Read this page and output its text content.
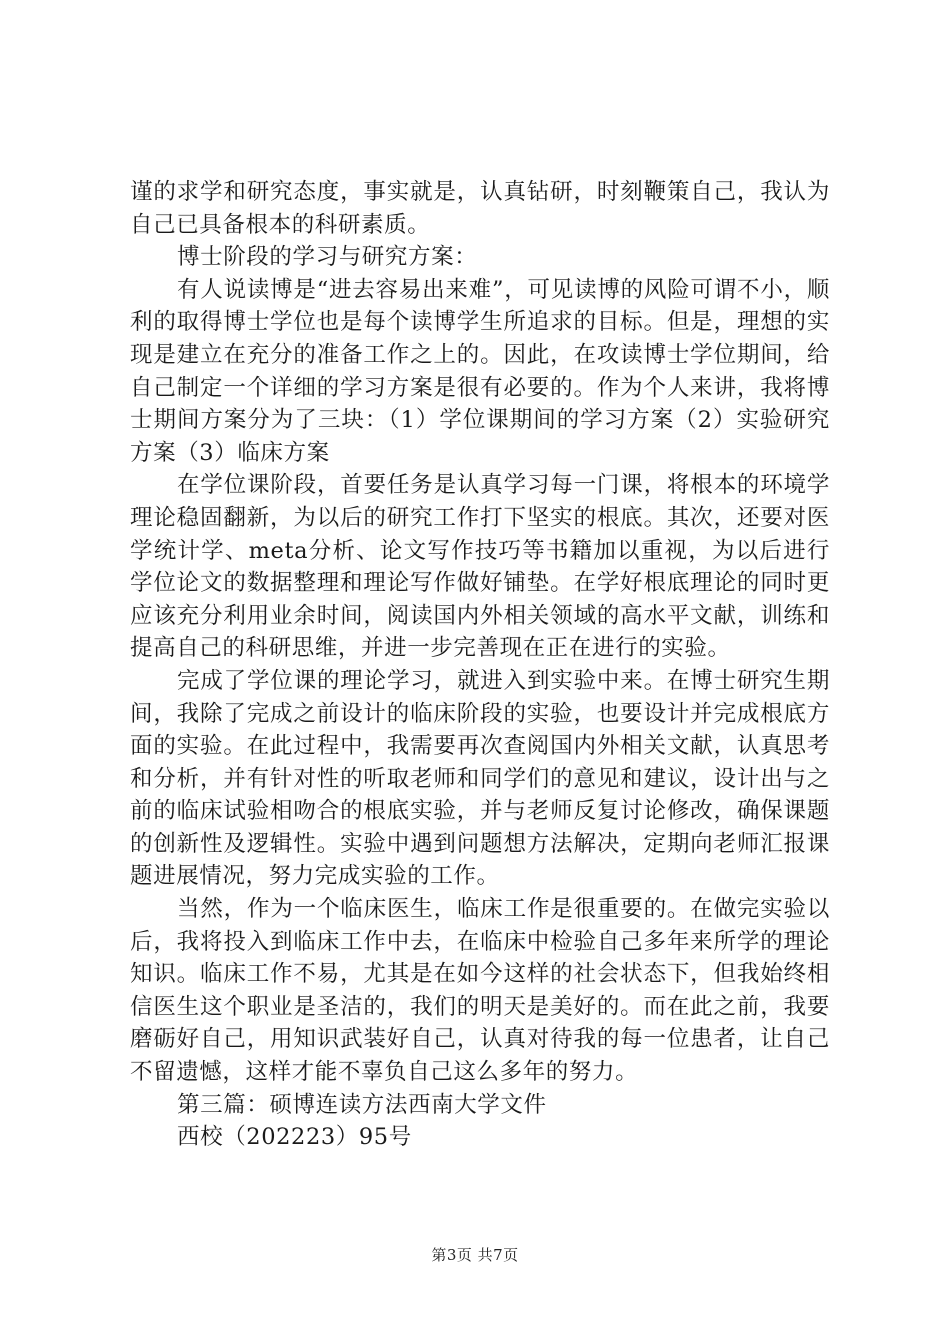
谨的求学和研究态度，事实就是，认真钻研，时刻鞭策自己，我认为自己已具备根本的科研素质。

博士阶段的学习与研究方案：

有人说读博是“进去容易出来难”，可见读博的风险可谓不小，顺利的取得博士学位也是每个读博学生所追求的目标。但是，理想的实现是建立在充分的准备工作之上的。因此，在攻读博士学位期间，给自己制定一个详细的学习方案是很有必要的。作为个人来讲，我将博士期间方案分为了三块：（1）学位课期间的学习方案（2）实验研究方案（3）临床方案

在学位课阶段，首要任务是认真学习每一门课，将根本的环境学理论稳固翻新，为以后的研究工作打下坚实的根底。其次，还要对医学统计学、meta分析、论文写作技巧等书籍加以重视，为以后进行学位论文的数据整理和理论写作做好铺垫。在学好根底理论的同时更应该充分利用业余时间，阅读国内外相关领域的高水平文献，训练和提高自己的科研思维，并进一步完善现在正在进行的实验。

完成了学位课的理论学习，就进入到实验中来。在博士研究生期间，我除了完成之前设计的临床阶段的实验，也要设计并完成根底方面的实验。在此过程中，我需要再次查阅国内外相关文献，认真思考和分析，并有针对性的听取老师和同学们的意见和建议，设计出与之前的临床试验相吻合的根底实验，并与老师反复讨论修改，确保课题的创新性及逻辑性。实验中遇到问题想方法解决，定期向老师汇报课题进展情况，努力完成实验的工作。

当然，作为一个临床医生，临床工作是很重要的。在做完实验以后，我将投入到临床工作中去，在临床中检验自己多年来所学的理论知识。临床工作不易，尤其是在如今这样的社会状态下，但我始终相信医生这个职业是圣洁的，我们的明天是美好的。而在此之前，我要磨砺好自己，用知识武装好自己，认真对待我的每一位患者，让自己不留遗憾，这样才能不辜负自己这么多年的努力。

第三篇：硕博连读方法西南大学文件

西校（202223）95号

第3页 共7页
